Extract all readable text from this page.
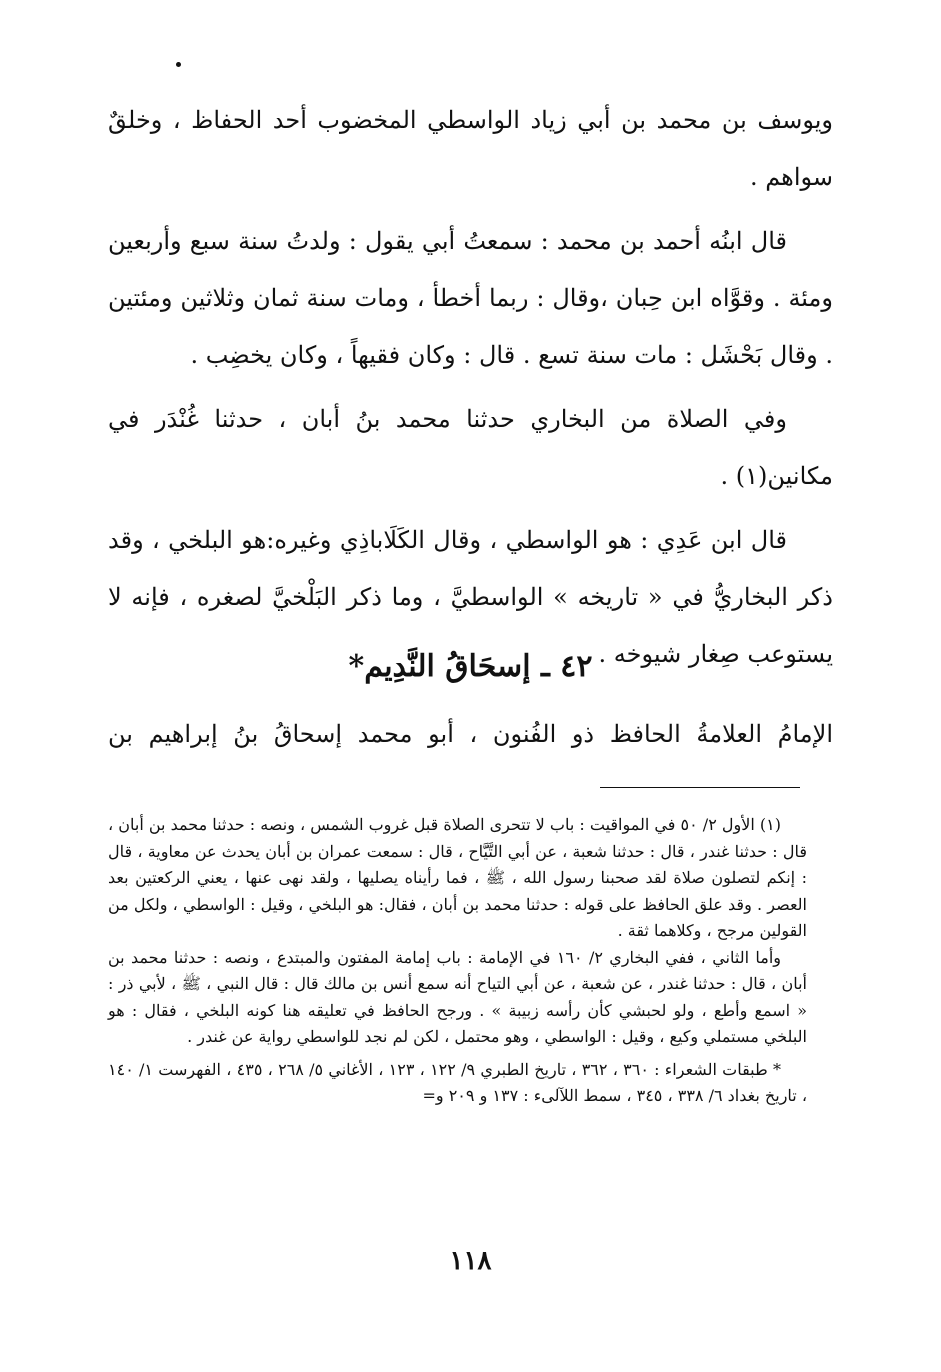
ويوسف بن محمد بن أبي زياد الواسطي المخضوب أحد الحفاظ ، وخلقٌ سواهم .

قال ابنُه أحمد بن محمد : سمعتُ أبي يقول : ولدتُ سنة سبع وأربعين ومئة . وقوَّاه ابن حِبان ،وقال : ربما أخطأ ، ومات سنة ثمان وثلاثين ومئتين . وقال بَحْشَل : مات سنة تسع . قال : وكان فقيهاً ، وكان يخضِب .

وفي الصلاة من البخاري حدثنا محمد بنُ أبان ، حدثنا غُنْدَر في مكانين(١) .

قال ابن عَدِي : هو الواسطي ، وقال الكَلَاباذِي وغيره:هو البلخي ، وقد ذكر البخاريُّ في « تاريخه » الواسطيَّ ، وما ذكر البَلْخيَّ لصغره ، فإنه لا يستوعب صِغار شيوخه .

٤٢ ـ إسحَاقُ النَّدِيم*

الإمامُ العلامةُ الحافظ ذو الفُنون ، أبو محمد إسحاقُ بنُ إبراهيم بن

(١) الأول ٢/ ٥٠ في المواقيت : باب لا تتحرى الصلاة قبل غروب الشمس ، ونصه : حدثنا محمد بن أبان ، قال : حدثنا غندر ، قال : حدثنا شعبة ، عن أبي التَّيَّاح ، قال : سمعت عمران بن أبان يحدث عن معاوية ، قال : إنكم لتصلون صلاة لقد صحبنا رسول الله ، ﷺ ، فما رأيناه يصليها ، ولقد نهى عنها ، يعني الركعتين بعد العصر . وقد علق الحافظ على قوله : حدثنا محمد بن أبان ، فقال: هو البلخي ، وقيل : الواسطي ، ولكل من القولين مرجح ، وكلاهما ثقة .

وأما الثاني ، ففي البخاري ٢/ ١٦٠ في الإمامة : باب إمامة المفتون والمبتدع ، ونصه : حدثنا محمد بن أبان ، قال : حدثنا غندر ، عن شعبة ، عن أبي التياح أنه سمع أنس بن مالك قال : قال النبي ، ﷺ ، لأبي ذر : « اسمع وأطع ، ولو لحبشي كأن رأسه زبيبة » . ورجح الحافظ في تعليقه هنا كونه البلخي ، فقال : هو البلخي مستملي وكيع ، وقيل : الواسطي ، وهو محتمل ، لكن لم نجد للواسطي رواية عن غندر .

* طبقات الشعراء : ٣٦٠ ، ٣٦٢ ، تاريخ الطبري ٩/ ١٢٢ ، ١٢٣ ، الأغاني ٥/ ٢٦٨ ، ٤٣٥ ، الفهرست ١/ ١٤٠ ، تاريخ بغداد ٦/ ٣٣٨ ، ٣٤٥ ، سمط اللآلىء : ١٣٧ و ٢٠٩ و=

١١٨
